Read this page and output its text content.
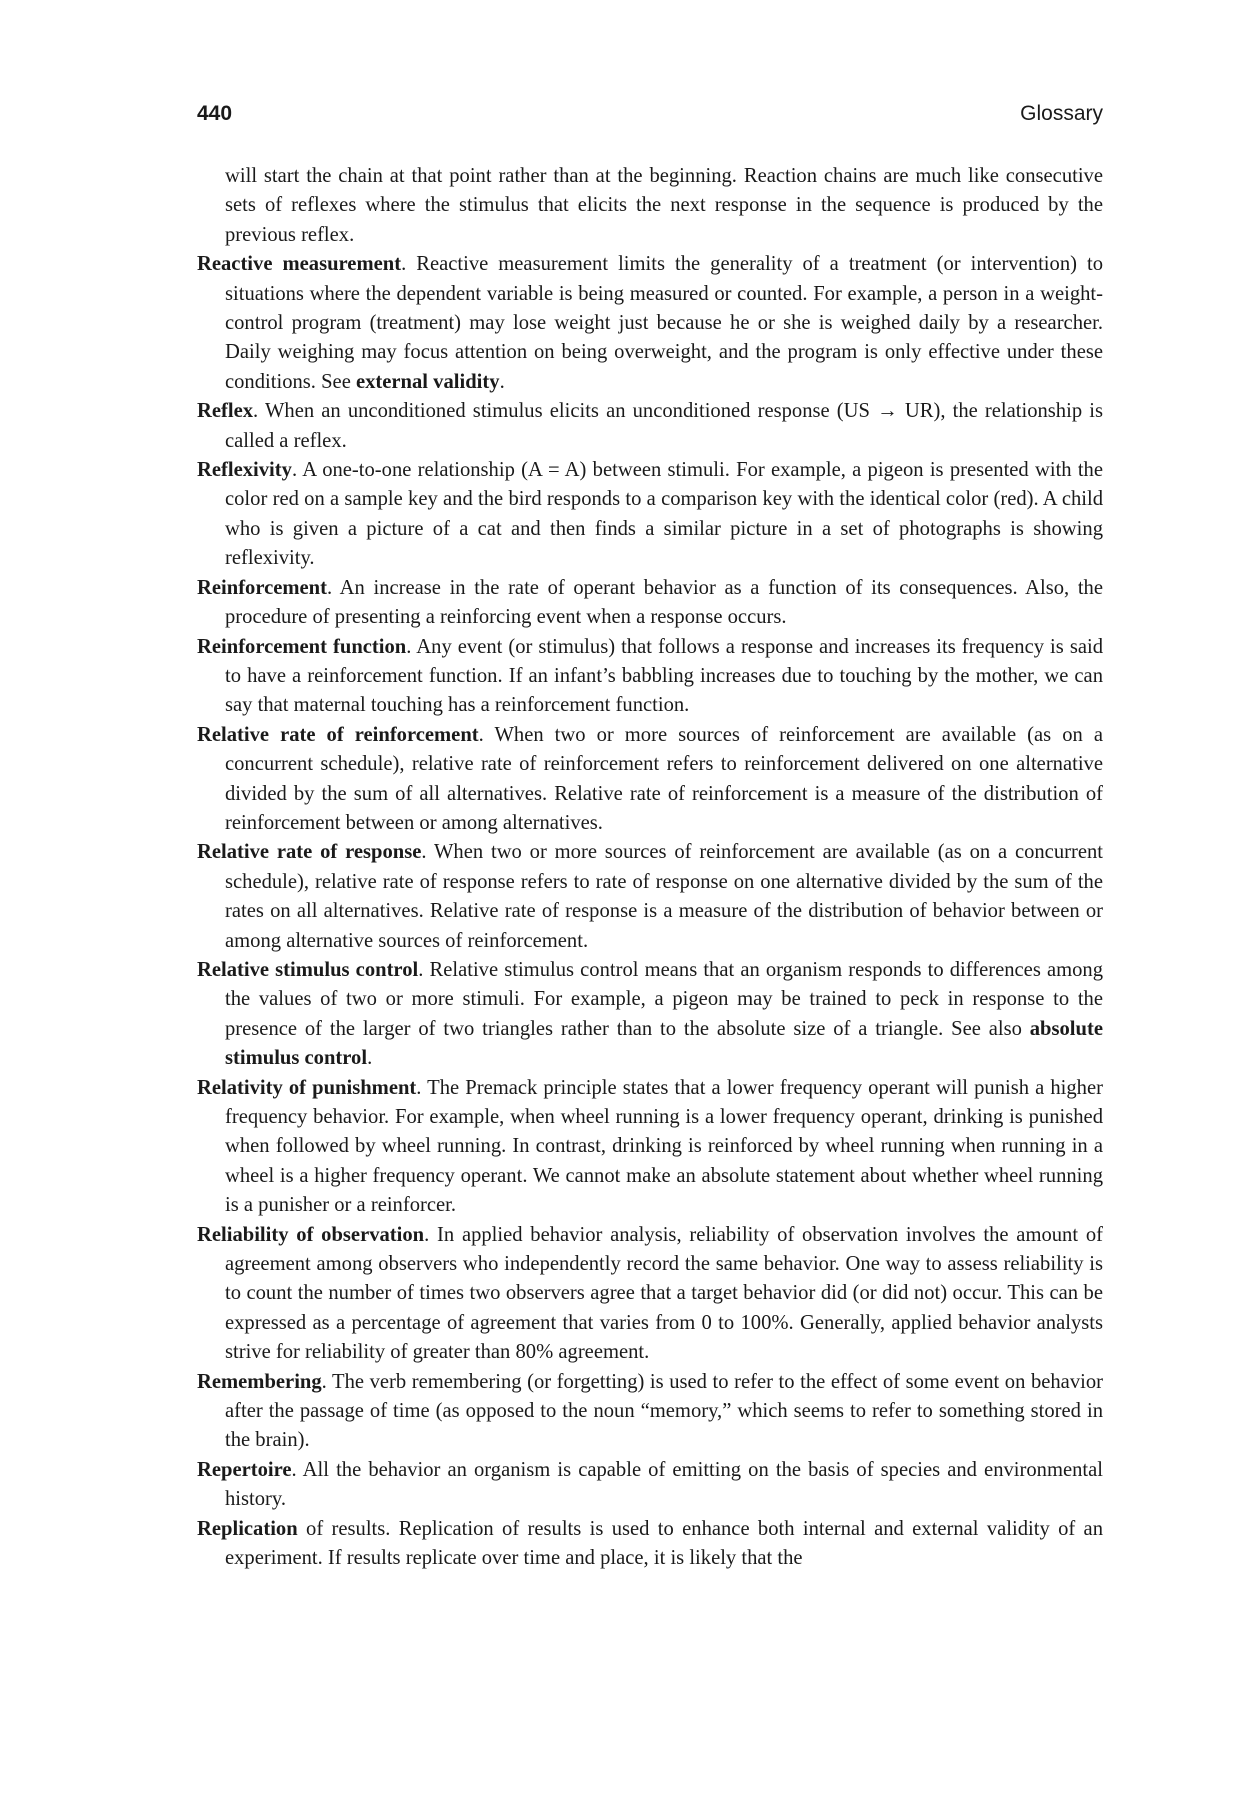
440	Glossary

will start the chain at that point rather than at the beginning. Reaction chains are much like consecutive sets of reflexes where the stimulus that elicits the next response in the sequence is produced by the previous reflex.

Reactive measurement. Reactive measurement limits the generality of a treatment (or intervention) to situations where the dependent variable is being measured or counted. For example, a person in a weight-control program (treatment) may lose weight just because he or she is weighed daily by a researcher. Daily weighing may focus attention on being overweight, and the program is only effective under these conditions. See external validity.

Reflex. When an unconditioned stimulus elicits an unconditioned response (US → UR), the relationship is called a reflex.

Reflexivity. A one-to-one relationship (A = A) between stimuli. For example, a pigeon is presented with the color red on a sample key and the bird responds to a comparison key with the identical color (red). A child who is given a picture of a cat and then finds a similar picture in a set of photographs is showing reflexivity.

Reinforcement. An increase in the rate of operant behavior as a function of its consequences. Also, the procedure of presenting a reinforcing event when a response occurs.

Reinforcement function. Any event (or stimulus) that follows a response and increases its frequency is said to have a reinforcement function. If an infant’s babbling increases due to touching by the mother, we can say that maternal touching has a reinforcement function.

Relative rate of reinforcement. When two or more sources of reinforcement are available (as on a concurrent schedule), relative rate of reinforcement refers to reinforcement delivered on one alternative divided by the sum of all alternatives. Relative rate of reinforcement is a measure of the distribution of reinforcement between or among alternatives.

Relative rate of response. When two or more sources of reinforcement are available (as on a concurrent schedule), relative rate of response refers to rate of response on one alternative divided by the sum of the rates on all alternatives. Relative rate of response is a measure of the distribution of behavior between or among alternative sources of reinforcement.

Relative stimulus control. Relative stimulus control means that an organism responds to differences among the values of two or more stimuli. For example, a pigeon may be trained to peck in response to the presence of the larger of two triangles rather than to the absolute size of a triangle. See also absolute stimulus control.

Relativity of punishment. The Premack principle states that a lower frequency operant will punish a higher frequency behavior. For example, when wheel running is a lower frequency operant, drinking is punished when followed by wheel running. In contrast, drinking is reinforced by wheel running when running in a wheel is a higher frequency operant. We cannot make an absolute statement about whether wheel running is a punisher or a reinforcer.

Reliability of observation. In applied behavior analysis, reliability of observation involves the amount of agreement among observers who independently record the same behavior. One way to assess reliability is to count the number of times two observers agree that a target behavior did (or did not) occur. This can be expressed as a percentage of agreement that varies from 0 to 100%. Generally, applied behavior analysts strive for reliability of greater than 80% agreement.

Remembering. The verb remembering (or forgetting) is used to refer to the effect of some event on behavior after the passage of time (as opposed to the noun “memory,” which seems to refer to something stored in the brain).

Repertoire. All the behavior an organism is capable of emitting on the basis of species and environmental history.

Replication of results. Replication of results is used to enhance both internal and external validity of an experiment. If results replicate over time and place, it is likely that the
